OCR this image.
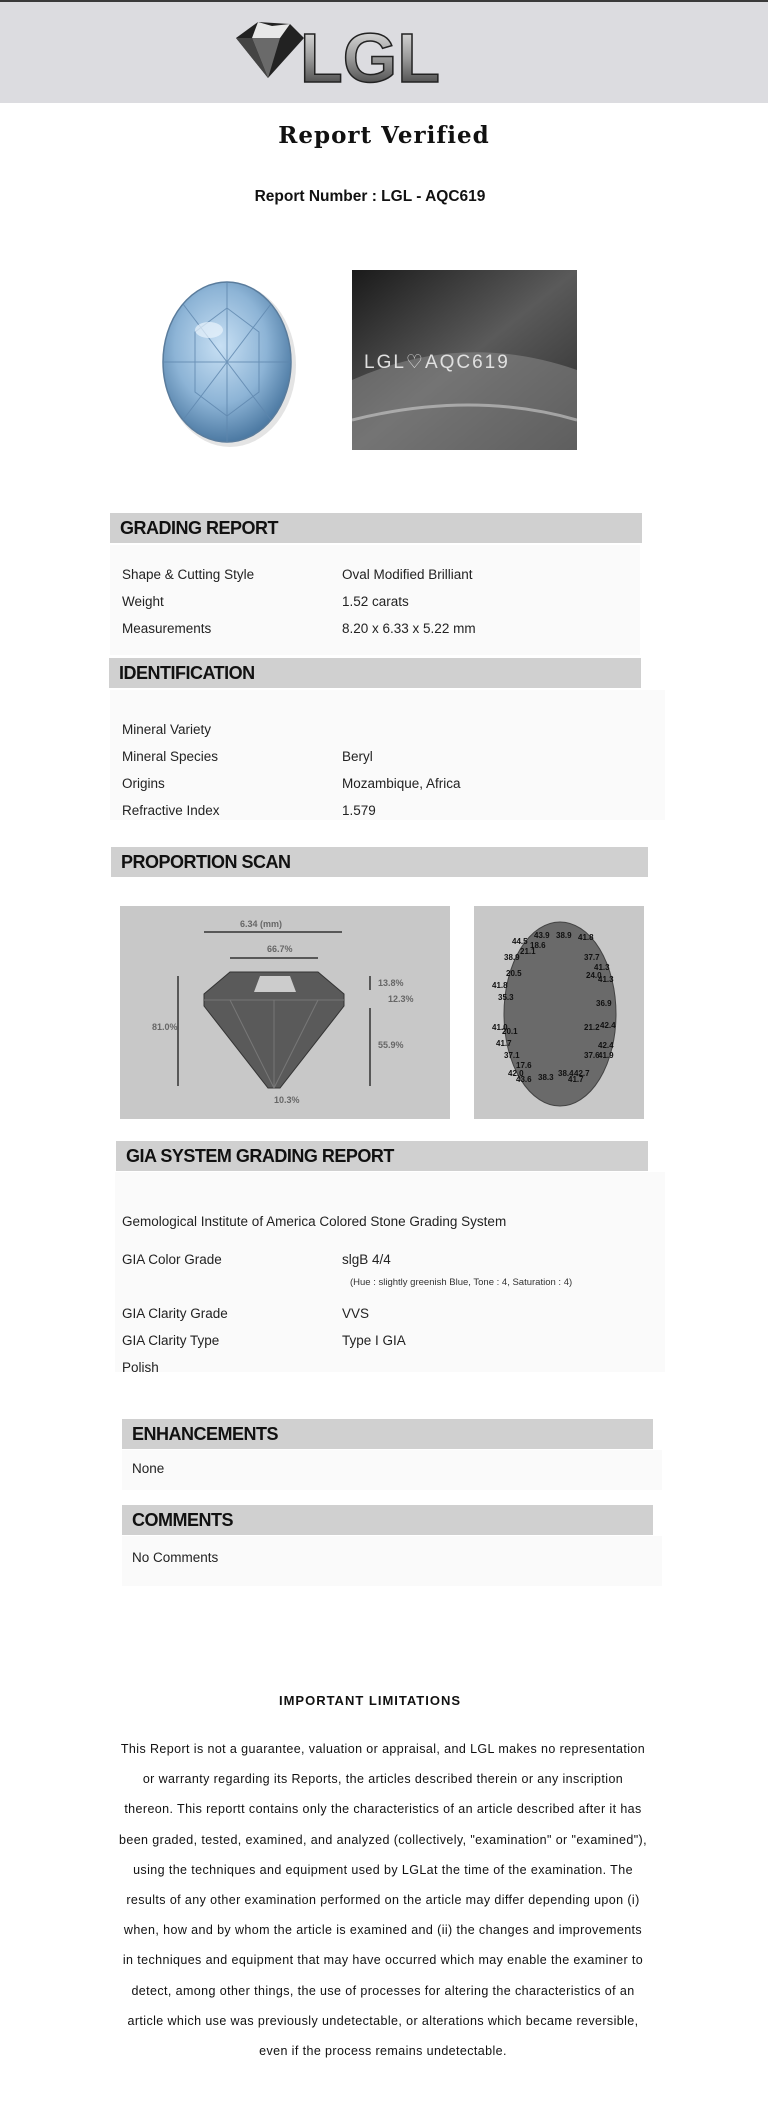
LGL
Report Verified
Report Number : LGL - AQC619
LGL♡AQC619
GRADING REPORT
Shape & Cutting Style	Oval Modified Brilliant
Weight	1.52 carats
Measurements	8.20 x 6.33 x 5.22 mm
IDENTIFICATION
Mineral Variety
Mineral Species	Beryl
Origins	Mozambique, Africa
Refractive Index	1.579
PROPORTION SCAN
6.34 (mm)
66.7%
81.0%
13.8%
12.3%
55.9%
10.3%
43.9 38.9 41.8
44.5 18.6
37.7
21.1
38.9
41.3
20.5	24.0
41.3
41.8
35.3
36.9
41.0
20.1	21.2 42.4
41.7	42.4
37.1	37.6
41.9
17.6
42.0	38.4 42.7
43.6 38.3 41.7
GIA SYSTEM GRADING REPORT
Gemological Institute of America Colored Stone Grading System
GIA Color Grade	slgB 4/4
(Hue : slightly greenish Blue, Tone : 4, Saturation : 4)
GIA Clarity Grade	VVS
GIA Clarity Type	Type I GIA
Polish
ENHANCEMENTS
None
COMMENTS
No Comments
IMPORTANT LIMITATIONS
This Report is not a guarantee, valuation or appraisal, and LGL makes no representation or warranty regarding its Reports, the articles described therein or any inscription thereon. This reportt contains only the characteristics of an article described after it has been graded, tested, examined, and analyzed (collectively, "examination" or "examined"), using the techniques and equipment used by LGLat the time of the examination. The results of any other examination performed on the article may differ depending upon (i) when, how and by whom the article is examined and (ii) the changes and improvements in techniques and equipment that may have occurred which may enable the examiner to detect, among other things, the use of processes for altering the characteristics of an article which use was previously undetectable, or alterations which became reversible, even if the process remains undetectable.
